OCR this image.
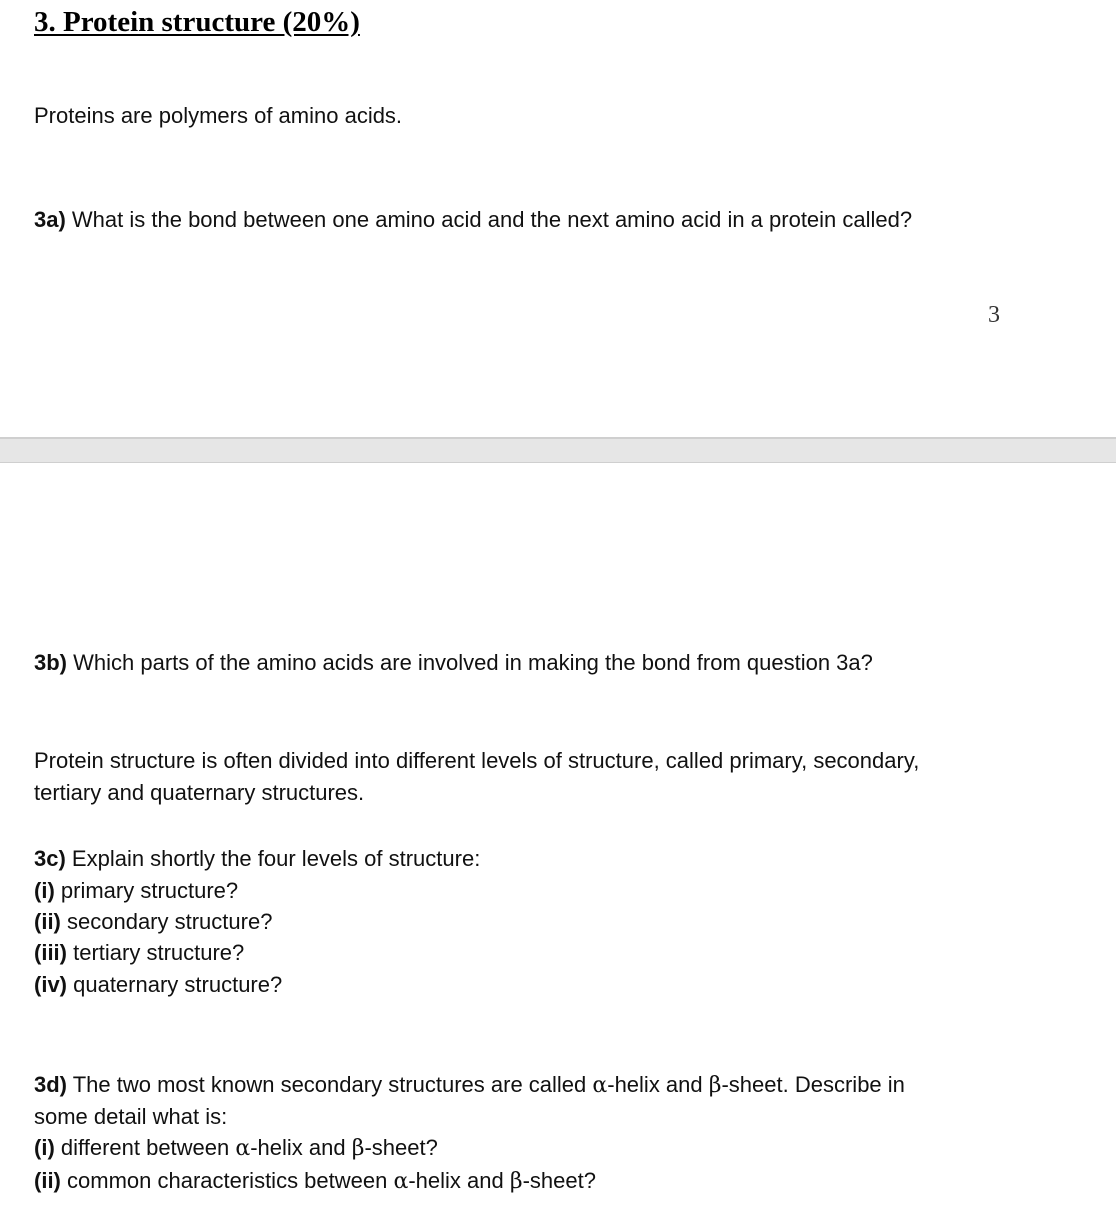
3. Protein structure (20%)
Proteins are polymers of amino acids.
3a) What is the bond between one amino acid and the next amino acid in a protein called?
3
3b) Which parts of the amino acids are involved in making the bond from question 3a?
Protein structure is often divided into different levels of structure, called primary, secondary,
tertiary and quaternary structures.
3c) Explain shortly the four levels of structure:
(i) primary structure?
(ii) secondary structure?
(iii) tertiary structure?
(iv) quaternary structure?
3d) The two most known secondary structures are called α-helix and β-sheet. Describe in
some detail what is:
(i) different between α-helix and β-sheet?
(ii) common characteristics between α-helix and β-sheet?
